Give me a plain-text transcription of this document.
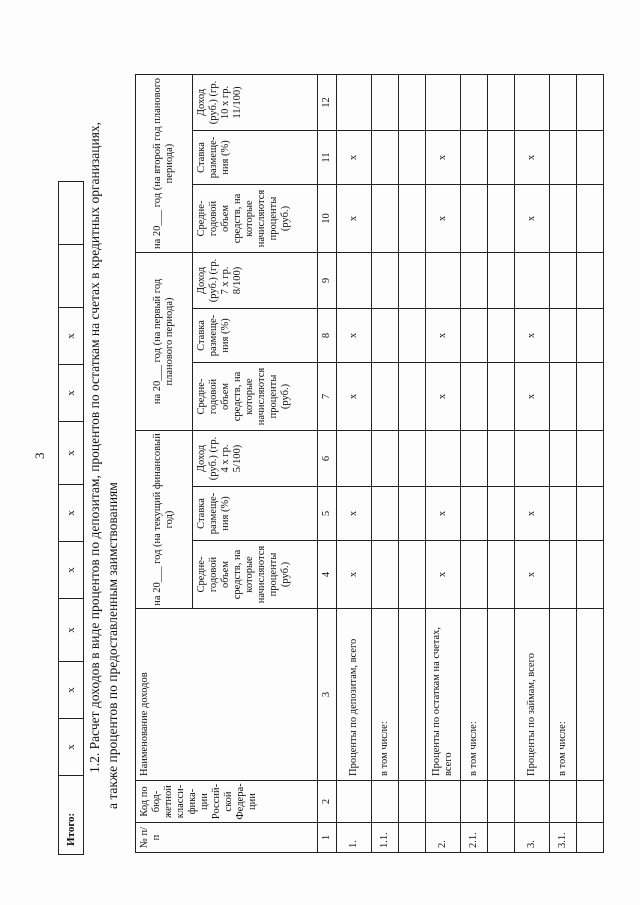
3
Итого:	x	x	x	x	x	x	x	x		1.2. Расчет доходов в виде процентов по депозитам, процентов по остаткам на счетах в кредитных организациях, а также процентов по предоставленным заимствованиям
№ п/п	Код по бюджетной классификации Российской Федерации	Наименование доходов	на 20___ год (на текущий финансовый год)			на 20___ год (на первый год планового периода)			на 20___ год (на второй год планового периода)		
			Среднегодовой объем средств, на которые начисляются проценты (руб.)	Ставка размещения (%)	Доход (руб.) (гр. 4 х гр. 5/100)	Среднегодовой объем средств, на которые начисляются проценты (руб.)	Ставка размещения (%)	Доход (руб.) (гр. 7 х гр. 8/100)	Среднегодовой объем средств, на которые начисляются проценты (руб.)	Ставка размещения (%)	Доход (руб.) (гр. 10 х гр. 11/100)
1	2	3	4	5	6	7	8	9	10	11	12
1.		Проценты по депозитам, всего	x	x		x	x		x	x	
1.1.		в том числе:									

2.		Проценты по остаткам на счетах, всего	x	x		x	x		x	x	
2.1.		в том числе:									

3.		Проценты по займам, всего	x	x		x	x		x	x	
3.1.		в том числе:									
